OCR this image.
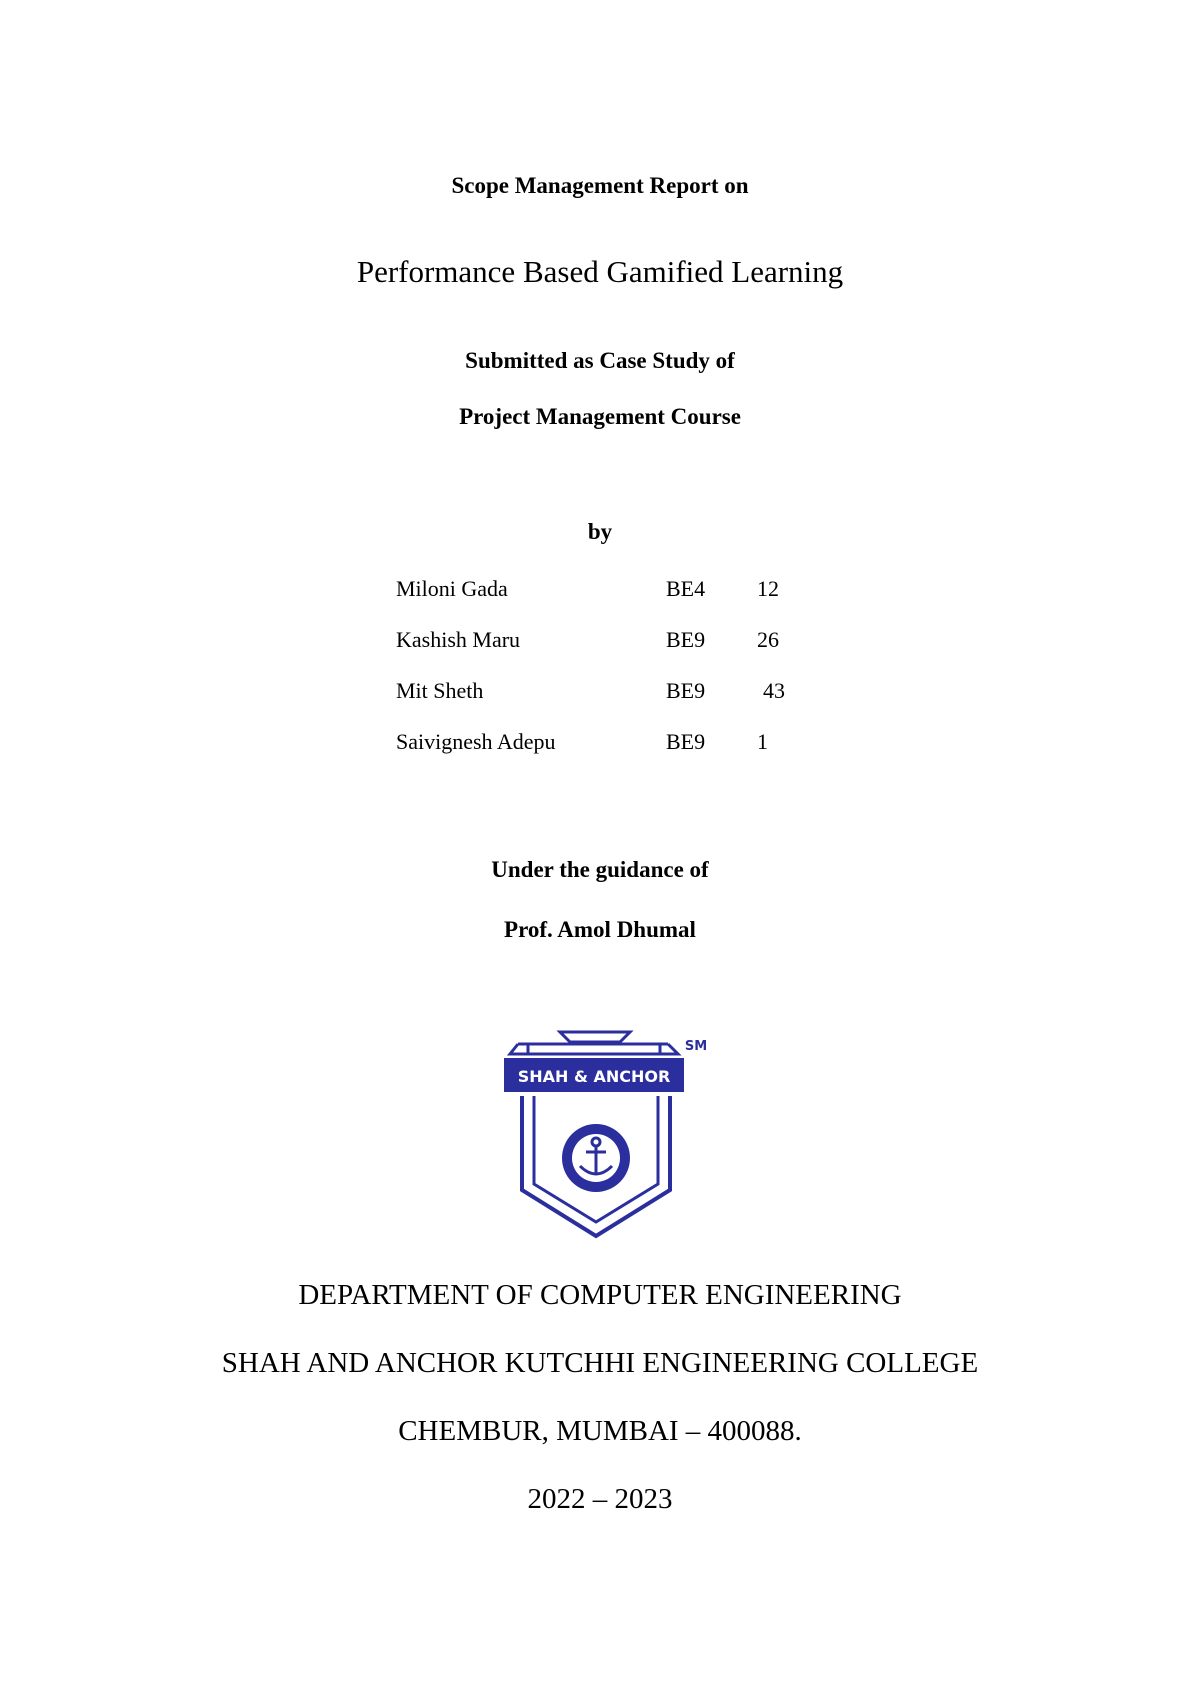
Scope Management Report on
Performance Based Gamified Learning
Submitted as Case Study of
Project Management Course
by
Miloni Gada	BE4 12
Kashish Maru	BE9 26
Mit Sheth	BE9	43
Saivignesh Adepu	BE9 1
Under the guidance of
Prof. Amol Dhumal
SHAH & ANCHOR
SM
DEPARTMENT OF COMPUTER ENGINEERING
SHAH AND ANCHOR KUTCHHI ENGINEERING COLLEGE
CHEMBUR, MUMBAI – 400088.
2022 – 2023
